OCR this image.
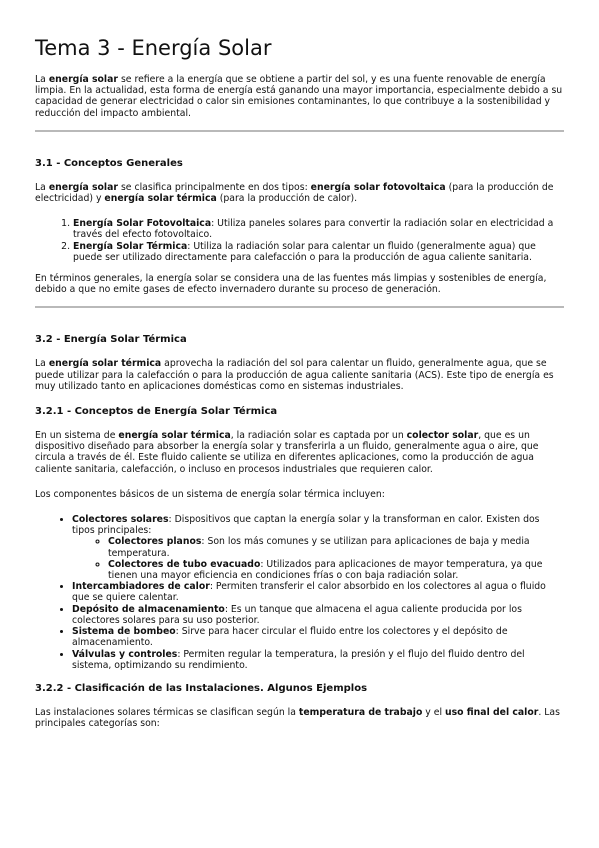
Tema 3 - Energía Solar

La energía solar se refiere a la energía que se obtiene a partir del sol, y es una fuente renovable de energía limpia. En la actualidad, esta forma de energía está ganando una mayor importancia, especialmente debido a su capacidad de generar electricidad o calor sin emisiones contaminantes, lo que contribuye a la sostenibilidad y reducción del impacto ambiental.

3.1 - Conceptos Generales

La energía solar se clasifica principalmente en dos tipos: energía solar fotovoltaica (para la producción de electricidad) y energía solar térmica (para la producción de calor).

1. Energía Solar Fotovoltaica: Utiliza paneles solares para convertir la radiación solar en electricidad a través del efecto fotovoltaico.
2. Energía Solar Térmica: Utiliza la radiación solar para calentar un fluido (generalmente agua) que puede ser utilizado directamente para calefacción o para la producción de agua caliente sanitaria.

En términos generales, la energía solar se considera una de las fuentes más limpias y sostenibles de energía, debido a que no emite gases de efecto invernadero durante su proceso de generación.

3.2 - Energía Solar Térmica

La energía solar térmica aprovecha la radiación del sol para calentar un fluido, generalmente agua, que se puede utilizar para la calefacción o para la producción de agua caliente sanitaria (ACS). Este tipo de energía es muy utilizado tanto en aplicaciones domésticas como en sistemas industriales.

3.2.1 - Conceptos de Energía Solar Térmica

En un sistema de energía solar térmica, la radiación solar es captada por un colector solar, que es un dispositivo diseñado para absorber la energía solar y transferirla a un fluido, generalmente agua o aire, que circula a través de él. Este fluido caliente se utiliza en diferentes aplicaciones, como la producción de agua caliente sanitaria, calefacción, o incluso en procesos industriales que requieren calor.

Los componentes básicos de un sistema de energía solar térmica incluyen:

• Colectores solares: Dispositivos que captan la energía solar y la transforman en calor. Existen dos tipos principales:
◦ Colectores planos: Son los más comunes y se utilizan para aplicaciones de baja y media temperatura.
◦ Colectores de tubo evacuado: Utilizados para aplicaciones de mayor temperatura, ya que tienen una mayor eficiencia en condiciones frías o con baja radiación solar.
• Intercambiadores de calor: Permiten transferir el calor absorbido en los colectores al agua o fluido que se quiere calentar.
• Depósito de almacenamiento: Es un tanque que almacena el agua caliente producida por los colectores solares para su uso posterior.
• Sistema de bombeo: Sirve para hacer circular el fluido entre los colectores y el depósito de almacenamiento.
• Válvulas y controles: Permiten regular la temperatura, la presión y el flujo del fluido dentro del sistema, optimizando su rendimiento.
3.2.2 - Clasificación de las Instalaciones. Algunos Ejemplos

Las instalaciones solares térmicas se clasifican según la temperatura de trabajo y el uso final del calor. Las principales categorías son:
